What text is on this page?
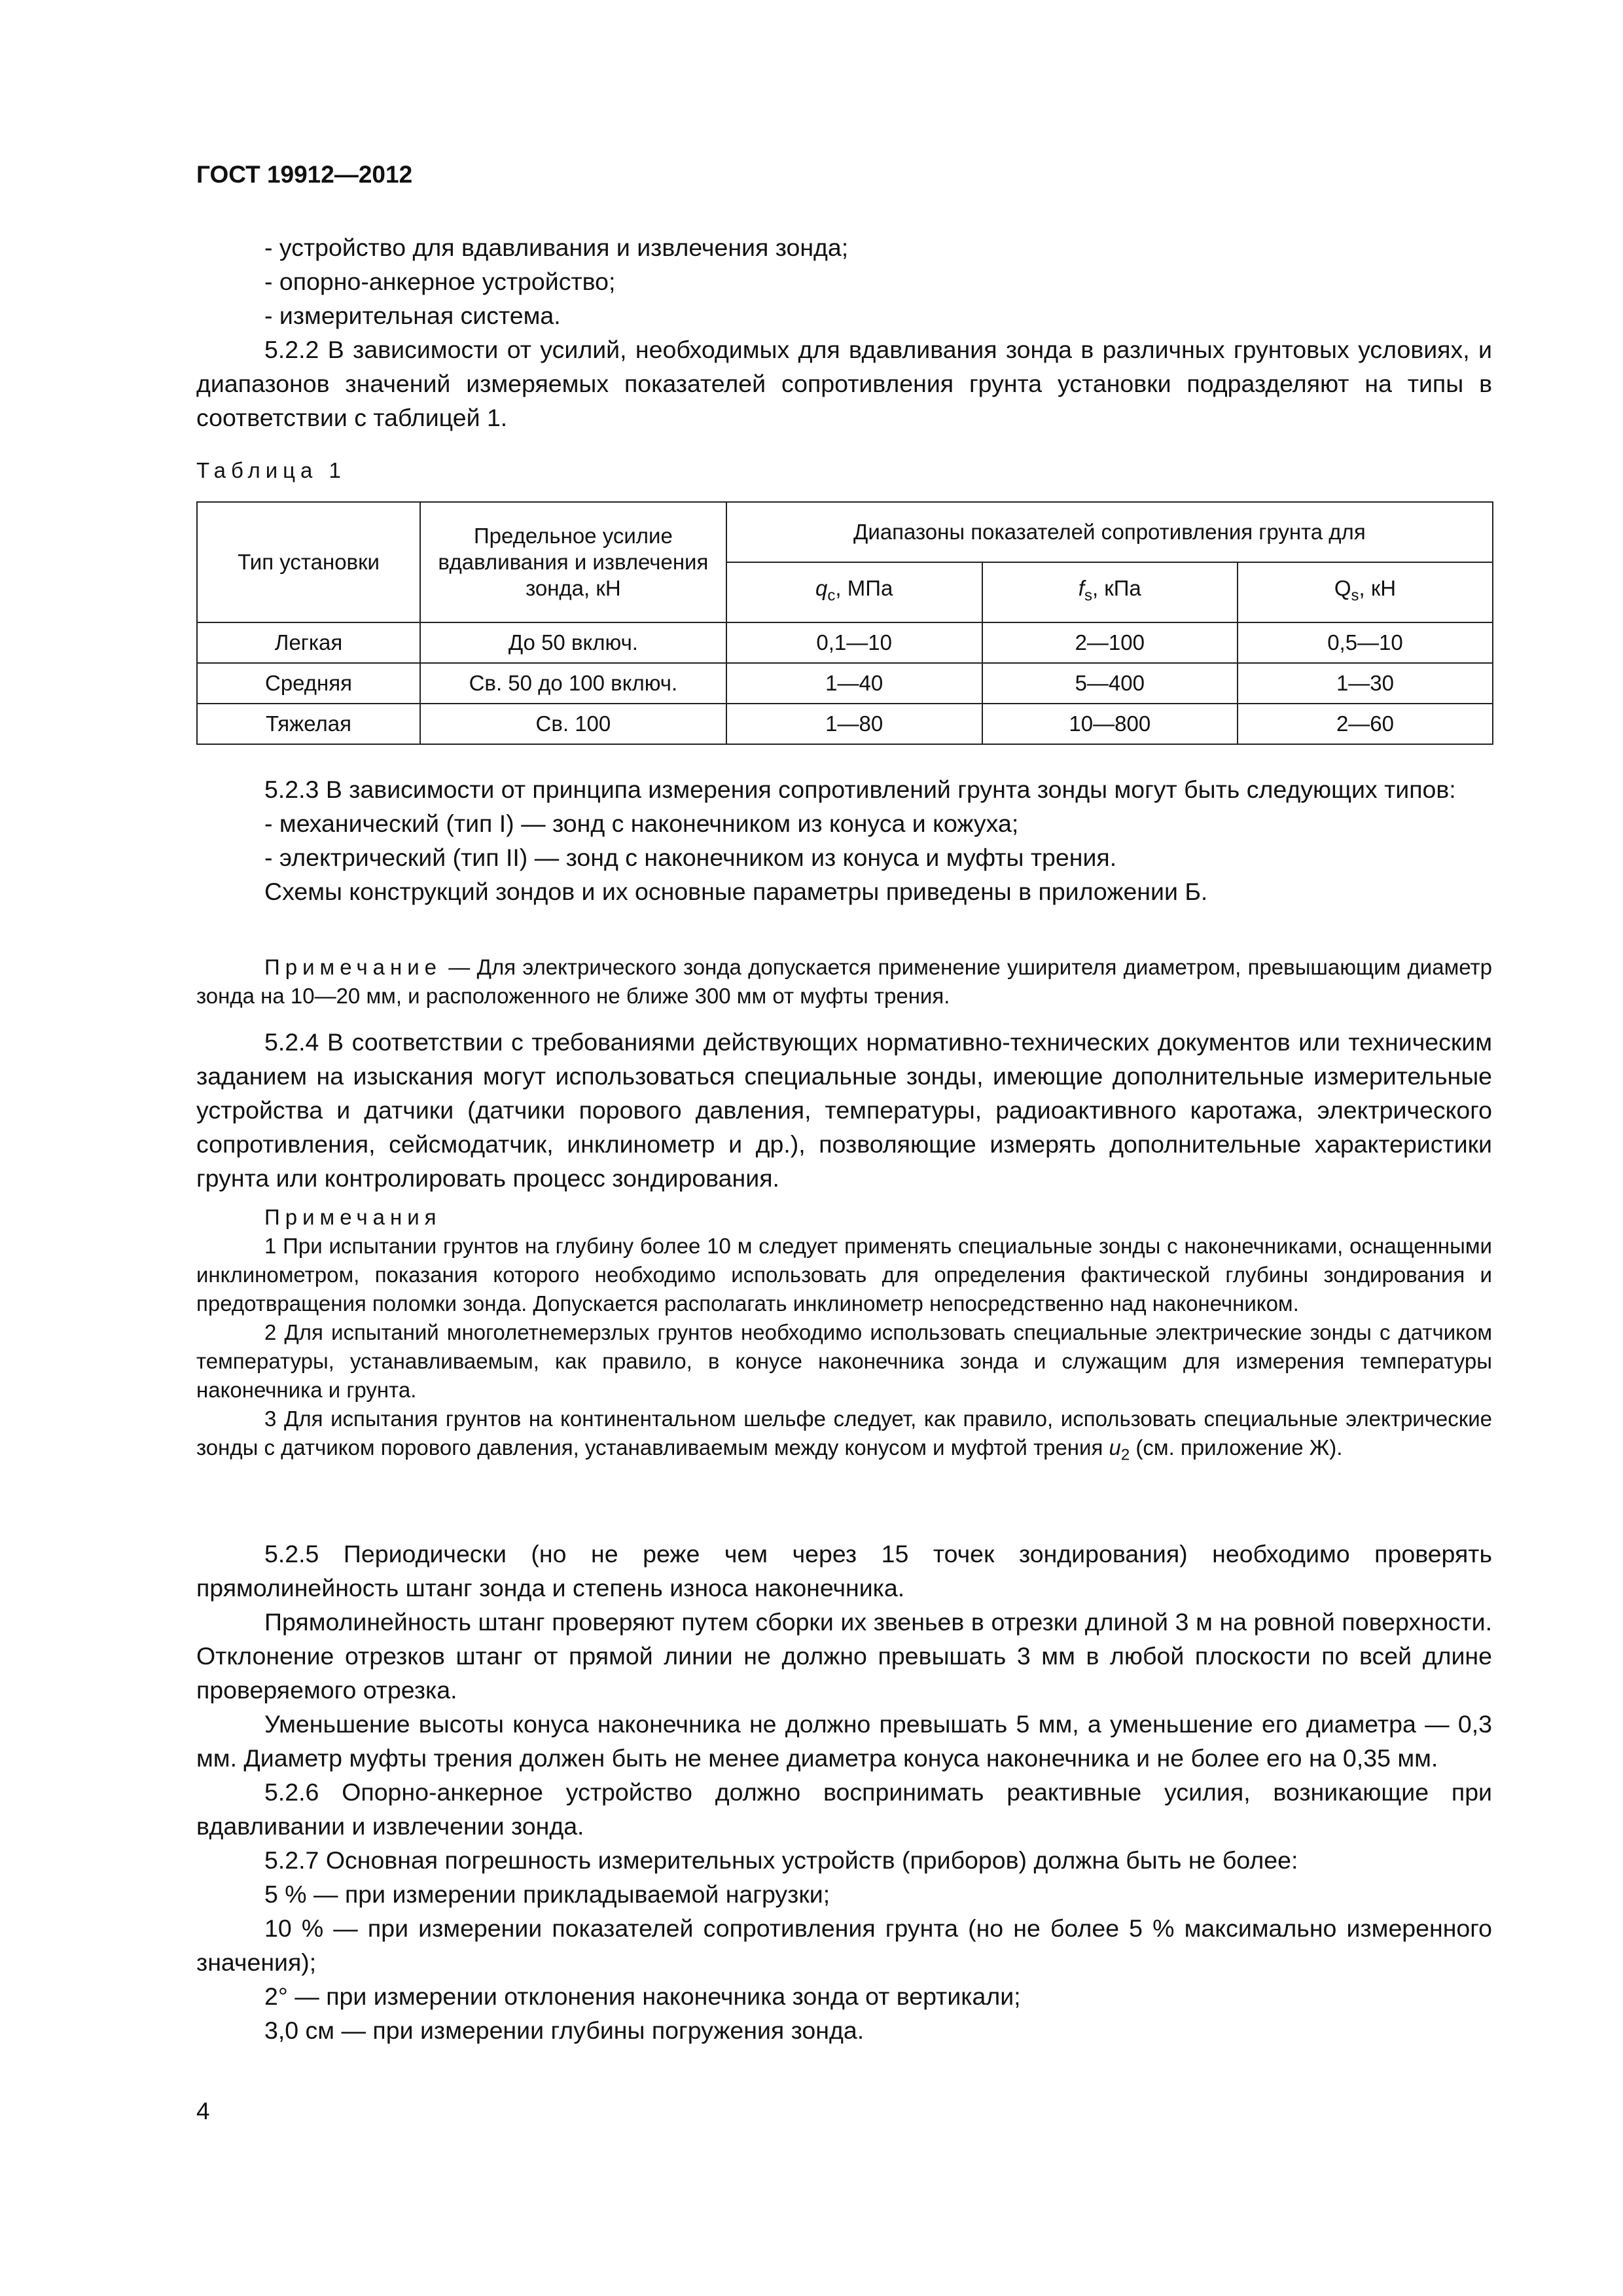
ГОСТ 19912—2012

- устройство для вдавливания и извлечения зонда;

- опорно-анкерное устройство;

- измерительная система.

5.2.2 В зависимости от усилий, необходимых для вдавливания зонда в различных грунтовых условиях, и диапазонов значений измеряемых показателей сопротивления грунта установки подразделяют на типы в соответствии с таблицей 1.

Таблица 1

Тип установки	Предельное усилие вдавливания и извлечения зонда, кН	Диапазоны показателей сопротивления грунта для		
		$q_c$, МПа	$f_s$, кПа	$Q_s$, кН
Легкая	До 50 включ.	0,1—10	2—100	0,5—10
Средняя	Св. 50 до 100 включ.	1—40	5—400	1—30
Тяжелая	Св. 100	1—80	10—800	2—60

5.2.3 В зависимости от принципа измерения сопротивлений грунта зонды могут быть следующих типов:

- механический (тип I) — зонд с наконечником из конуса и кожуха;

- электрический (тип II) — зонд с наконечником из конуса и муфты трения.

Схемы конструкций зондов и их основные параметры приведены в приложении Б.

Примечание — Для электрического зонда допускается применение уширителя диаметром, превышающим диаметр зонда на 10—20 мм, и расположенного не ближе 300 мм от муфты трения.

5.2.4 В соответствии с требованиями действующих нормативно-технических документов или техническим заданием на изыскания могут использоваться специальные зонды, имеющие дополнительные измерительные устройства и датчики (датчики порового давления, температуры, радиоактивного каротажа, электрического сопротивления, сейсмодатчик, инклинометр и др.), позволяющие измерять дополнительные характеристики грунта или контролировать процесс зондирования.

Примечания

1 При испытании грунтов на глубину более 10 м следует применять специальные зонды с наконечниками, оснащенными инклинометром, показания которого необходимо использовать для определения фактической глубины зондирования и предотвращения поломки зонда. Допускается располагать инклинометр непосредственно над наконечником.

2 Для испытаний многолетнемерзлых грунтов необходимо использовать специальные электрические зонды с датчиком температуры, устанавливаемым, как правило, в конусе наконечника зонда и служащим для измерения температуры наконечника и грунта.

3 Для испытания грунтов на континентальном шельфе следует, как правило, использовать специальные электрические зонды с датчиком порового давления, устанавливаемым между конусом и муфтой трения $u_2$ (см. приложение Ж).

5.2.5 Периодически (но не реже чем через 15 точек зондирования) необходимо проверять прямолинейность штанг зонда и степень износа наконечника.

Прямолинейность штанг проверяют путем сборки их звеньев в отрезки длиной 3 м на ровной поверхности. Отклонение отрезков штанг от прямой линии не должно превышать 3 мм в любой плоскости по всей длине проверяемого отрезка.

Уменьшение высоты конуса наконечника не должно превышать 5 мм, а уменьшение его диаметра — 0,3 мм. Диаметр муфты трения должен быть не менее диаметра конуса наконечника и не более его на 0,35 мм.

5.2.6 Опорно-анкерное устройство должно воспринимать реактивные усилия, возникающие при вдавливании и извлечении зонда.

5.2.7 Основная погрешность измерительных устройств (приборов) должна быть не более:

5 % — при измерении прикладываемой нагрузки;

10 % — при измерении показателей сопротивления грунта (но не более 5 % максимально измеренного значения);

2° — при измерении отклонения наконечника зонда от вертикали;

3,0 см — при измерении глубины погружения зонда.

4
